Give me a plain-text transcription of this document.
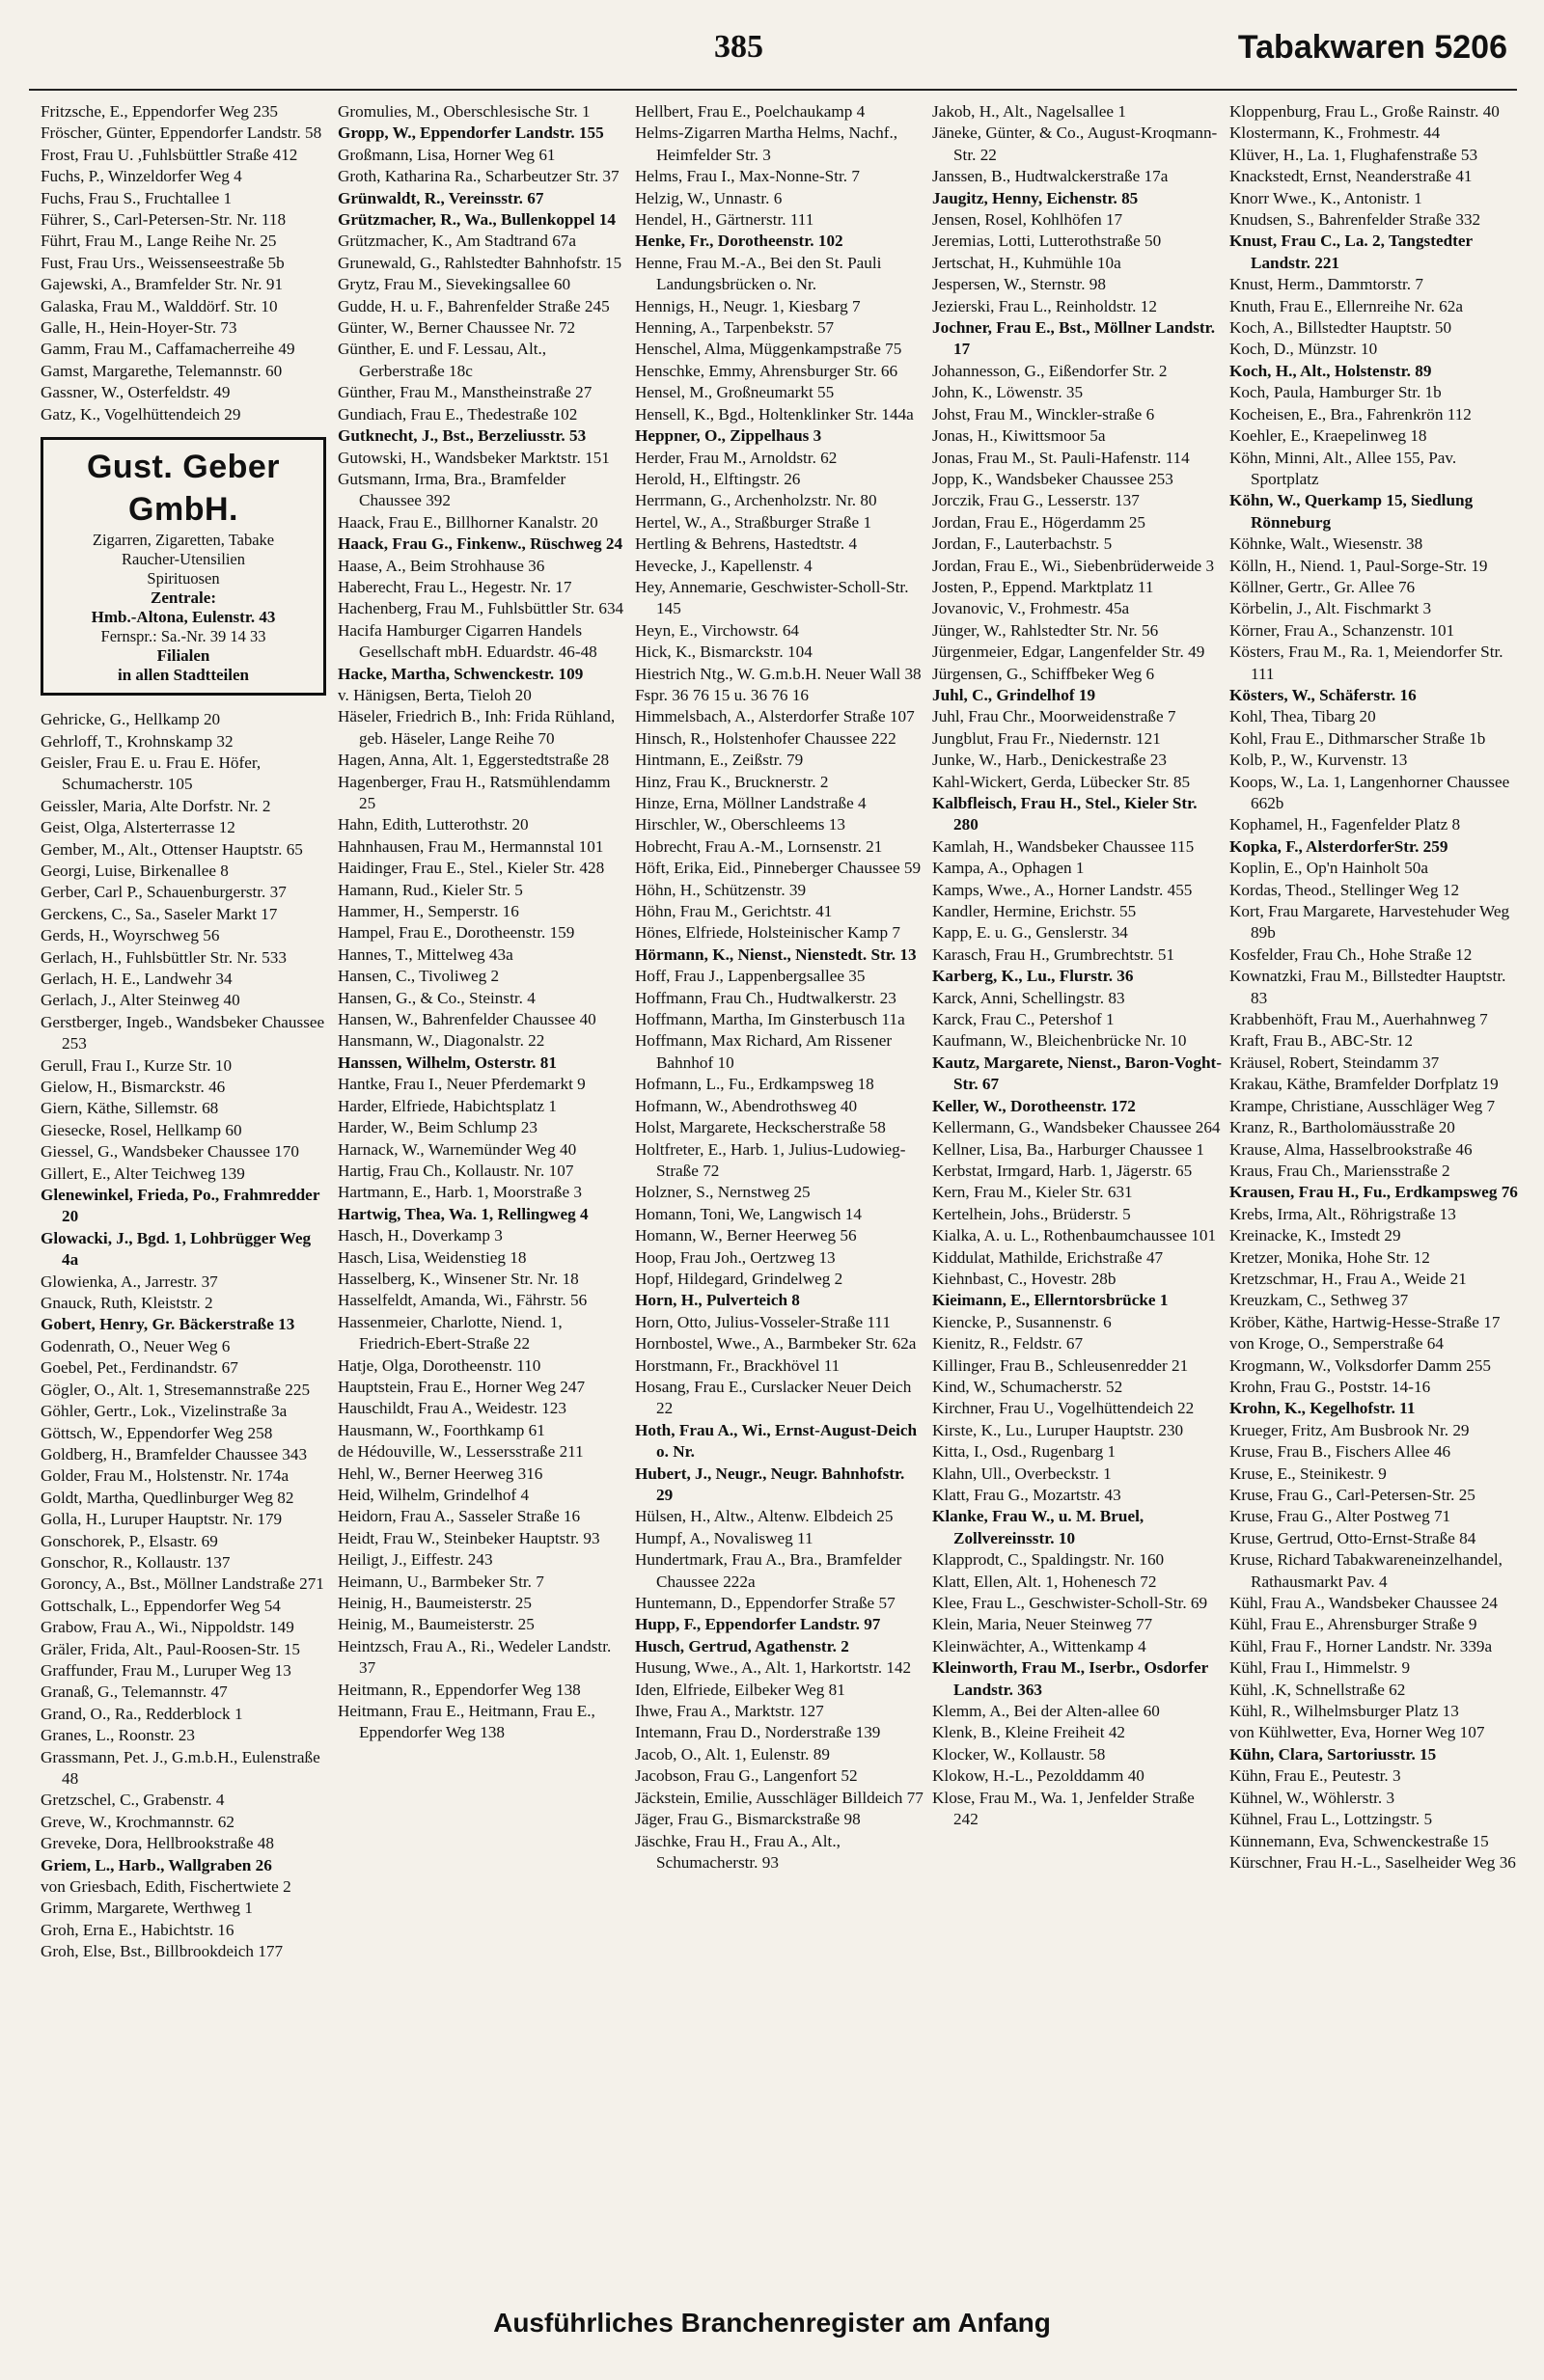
385	Tabakwaren 5206

Fritzsche, E., Eppendorfer Weg 235

Fröscher, Günter, Eppendorfer Landstr. 58

Frost, Frau U. ,Fuhlsbüttler Straße 412

Fuchs, P., Winzeldorfer Weg 4

Fuchs, Frau S., Fruchtallee 1

Führer, S., Carl-Petersen-Str. Nr. 118

Führt, Frau M., Lange Reihe Nr. 25

Fust, Frau Urs., Weissenseestraße 5b

Gajewski, A., Bramfelder Str. Nr. 91

Galaska, Frau M., Walddörf. Str. 10

Galle, H., Hein-Hoyer-Str. 73

Gamm, Frau M., Caffamacherreihe 49

Gamst, Margarethe, Telemannstr. 60

Gassner, W., Osterfeldstr. 49

Gatz, K., Vogelhüttendeich 29

Gust. Geber GmbH.
Zigarren, Zigaretten, Tabake
Raucher-Utensilien
Spirituosen
Zentrale:
Hmb.-Altona, Eulenstr. 43
Fernspr.: Sa.-Nr. 39 14 33
Filialen
in allen Stadtteilen

Gehricke, G., Hellkamp 20

Gehrloff, T., Krohnskamp 32

Geisler, Frau E. u. Frau E. Höfer, Schumacherstr. 105

Geissler, Maria, Alte Dorfstr. Nr. 2

Geist, Olga, Alsterterrasse 12

Gember, M., Alt., Ottenser Hauptstr. 65

Georgi, Luise, Birkenallee 8

Gerber, Carl P., Schauenburgerstr. 37

Gerckens, C., Sa., Saseler Markt 17

Gerds, H., Woyrschweg 56

Gerlach, H., Fuhlsbüttler Str. Nr. 533

Gerlach, H. E., Landwehr 34

Gerlach, J., Alter Steinweg 40

Gerstberger, Ingeb., Wandsbeker Chaussee 253

Gerull, Frau I., Kurze Str. 10

Gielow, H., Bismarckstr. 46

Giern, Käthe, Sillemstr. 68

Giesecke, Rosel, Hellkamp 60

Giessel, G., Wandsbeker Chaussee 170

Gillert, E., Alter Teichweg 139

Glenewinkel, Frieda, Po., Frahmredder 20

Glowacki, J., Bgd. 1, Lohbrügger Weg 4a

Glowienka, A., Jarrestr. 37

Gnauck, Ruth, Kleiststr. 2

Gobert, Henry, Gr. Bäckerstraße 13

Godenrath, O., Neuer Weg 6

Goebel, Pet., Ferdinandstr. 67

Gögler, O., Alt. 1, Stresemannstraße 225

Göhler, Gertr., Lok., Vizelinstraße 3a

Göttsch, W., Eppendorfer Weg 258

Goldberg, H., Bramfelder Chaussee 343

Golder, Frau M., Holstenstr. Nr. 174a

Goldt, Martha, Quedlinburger Weg 82

Golla, H., Luruper Hauptstr. Nr. 179

Gonschorek, P., Elsastr. 69

Gonschor, R., Kollaustr. 137

Gorоncy, A., Bst., Möllner Landstraße 271

Gottschalk, L., Eppendorfer Weg 54

Grabow, Frau A., Wi., Nippoldstr. 149

Gräler, Frida, Alt., Paul-Roosen-Str. 15

Graffunder, Frau M., Luruper Weg 13

Granaß, G., Telemannstr. 47

Grand, O., Ra., Redderblock 1

Granes, L., Roonstr. 23

Grassmann, Pet. J., G.m.b.H., Eulenstraße 48

Gretzschel, C., Grabenstr. 4

Greve, W., Krochmannstr. 62

Greveke, Dora, Hellbrookstraße 48

Griem, L., Harb., Wallgraben 26

von Griesbach, Edith, Fischertwiete 2

Grimm, Margarete, Werthweg 1

Groh, Erna E., Habichtstr. 16

Groh, Else, Bst., Billbrookdeich 177

Gromulies, M., Oberschlesische Str. 1

Gropp, W., Eppendorfer Landstr. 155

Großmann, Lisa, Horner Weg 61

Groth, Katharina Ra., Scharbeutzer Str. 37

Grünwaldt, R., Vereinsstr. 67

Grützmacher, R., Wa., Bullenkoppel 14

Grützmacher, K., Am Stadtrand 67a

Grunewald, G., Rahlstedter Bahnhofstr. 15

Grytz, Frau M., Sievekingsallee 60

Gudde, H. u. F., Bahrenfelder Straße 245

Günter, W., Berner Chaussee Nr. 72

Günther, E. und F. Lessau, Alt., Gerberstraße 18c

Günther, Frau M., Manstheinstraße 27

Gundiach, Frau E., Thedestraße 102

Gutknecht, J., Bst., Berzeliusstr. 53

Gutowski, H., Wandsbeker Marktstr. 151

Gutsmann, Irma, Bra., Bramfelder Chaussee 392

Haack, Frau E., Billhorner Kanalstr. 20

Haack, Frau G., Finkenw., Rüschweg 24

Haase, A., Beim Strohhause 36

Haberecht, Frau L., Hegestr. Nr. 17

Hachenberg, Frau M., Fuhlsbüttler Str. 634

Hacifa Hamburger Cigarren Handels Gesellschaft mbH. Eduardstr. 46-48

Hacke, Martha, Schwenckestr. 109

v. Hänigsen, Berta, Tieloh 20

Häseler, Friedrich B., Inh: Frida Rühland, geb. Häseler, Lange Reihe 70

Hagen, Anna, Alt. 1, Eggerstedtstraße 28

Hagenberger, Frau H., Ratsmühlendamm 25

Hahn, Edith, Lutterothstr. 20

Hahnhausen, Frau M., Hermannstal 101

Haidinger, Frau E., Stel., Kieler Str. 428

Hamann, Rud., Kieler Str. 5

Hammer, H., Semperstr. 16

Hampel, Frau E., Dorotheenstr. 159

Hannes, T., Mittelweg 43a

Hansen, C., Tivoliweg 2

Hansen, G., & Co., Steinstr. 4

Hansen, W., Bahrenfelder Chaussee 40

Hansmann, W., Diagonalstr. 22

Hanssen, Wilhelm, Osterstr. 81

Hantke, Frau I., Neuer Pferdemarkt 9

Harder, Elfriede, Habichtsplatz 1

Harder, W., Beim Schlump 23

Harnack, W., Warnemünder Weg 40

Hartig, Frau Ch., Kollaustr. Nr. 107

Hartmann, E., Harb. 1, Moorstraße 3

Hartwig, Thea, Wa. 1, Rellingweg 4

Hasch, H., Doverkamp 3

Hasch, Lisa, Weidenstieg 18

Hasselberg, K., Winsener Str. Nr. 18

Hasselfeldt, Amanda, Wi., Fährstr. 56

Hassenmeier, Charlotte, Niend. 1, Friedrich-Ebert-Straße 22

Hatje, Olga, Dorotheenstr. 110

Hauptstein, Frau E., Horner Weg 247

Hauschildt, Frau A., Weidestr. 123

Hausmann, W., Foorthkamp 61

de Hédouville, W., Lessersstraße 211

Hehl, W., Berner Heerweg 316

Heid, Wilhelm, Grindelhof 4

Heidorn, Frau A., Sasseler Straße 16

Heidt, Frau W., Steinbeker Hauptstr. 93

Heiligt, J., Eiffestr. 243

Heimann, U., Barmbeker Str. 7

Heinig, H., Baumeisterstr. 25

Heinig, M., Baumeisterstr. 25

Heintzsch, Frau A., Ri., Wedeler Landstr. 37

Heitmann, R., Eppendorfer Weg 138

Heitmann, Frau E., Heitmann, Frau E., Eppendorfer Weg 138

Hellbert, Frau E., Poelchaukamp 4

Helms-Zigarren Martha Helms, Nachf., Heimfelder Str. 3

Helms, Frau I., Max-Nonne-Str. 7

Helzig, W., Unnastr. 6

Hendel, H., Gärtnerstr. 111

Henke, Fr., Dorotheenstr. 102

Henne, Frau M.-A., Bei den St. Pauli Landungsbrücken o. Nr.

Hennigs, H., Neugr. 1, Kiesbarg 7

Henning, A., Tarpenbekstr. 57

Henschel, Alma, Müggenkampstraße 75

Henschke, Emmy, Ahrensburger Str. 66

Hensel, M., Großneumarkt 55

Hensell, K., Bgd., Holtenklinker Str. 144a

Heppner, O., Zippelhaus 3

Herder, Frau M., Arnoldstr. 62

Herold, H., Elftingstr. 26

Herrmann, G., Archenholzstr. Nr. 80

Hertel, W., A., Straßburger Straße 1

Hertling & Behrens, Hastedtstr. 4

Hevecke, J., Kapellenstr. 4

Hey, Annemarie, Geschwister-Scholl-Str. 145

Heyn, E., Virchowstr. 64

Hick, K., Bismarckstr. 104

Hiestrich Ntg., W. G.m.b.H. Neuer Wall 38

Fspr. 36 76 15 u. 36 76 16

Himmelsbach, A., Alsterdorfer Straße 107

Hinsch, R., Holstenhofer Chaussee 222

Hintmann, E., Zeißstr. 79

Hinz, Frau K., Brucknerstr. 2

Hinze, Erna, Möllner Landstraße 4

Hirschler, W., Oberschleems 13

Hobrecht, Frau A.-M., Lornsenstr. 21

Höft, Erika, Eid., Pinneberger Chaussee 59

Höhn, H., Schützenstr. 39

Höhn, Frau M., Gerichtstr. 41

Hönes, Elfriede, Holsteinischer Kamp 7

Hörmann, K., Nienst., Nienstedt. Str. 13

Hoff, Frau J., Lappenbergsallee 35

Hoffmann, Frau Ch., Hudtwalkerstr. 23

Hoffmann, Martha, Im Ginsterbusch 11a

Hoffmann, Max Richard, Am Rissener Bahnhof 10

Hofmann, L., Fu., Erdkampsweg 18

Hofmann, W., Abendrothsweg 40

Holst, Margarete, Heckscherstraße 58

Holtfreter, E., Harb. 1, Julius-Ludowieg-Straße 72

Holzner, S., Nernstweg 25

Homann, Toni, We, Langwisch 14

Homann, W., Berner Heerweg 56

Hoop, Frau Joh., Oertzweg 13

Hopf, Hildegard, Grindelweg 2

Horn, H., Pulverteich 8

Horn, Otto, Julius-Vosseler-Straße 111

Hornbostel, Wwe., A., Barmbeker Str. 62a

Horstmann, Fr., Brackhövel 11

Hosang, Frau E., Curslacker Neuer Deich 22

Hoth, Frau A., Wi., Ernst-August-Deich o. Nr.

Hubert, J., Neugr., Neugr. Bahnhofstr. 29

Hülsen, H., Altw., Altenw. Elbdeich 25

Humpf, A., Novalisweg 11

Hundertmark, Frau A., Bra., Bramfelder Chaussee 222a

Huntemann, D., Eppendorfer Straße 57

Hupp, F., Eppendorfer Landstr. 97

Husch, Gertrud, Agathenstr. 2

Husung, Wwe., A., Alt. 1, Harkortstr. 142

Iden, Elfriede, Eilbeker Weg 81

Ihwe, Frau A., Marktstr. 127

Intemann, Frau D., Norderstraße 139

Jacob, O., Alt. 1, Eulenstr. 89

Jacobson, Frau G., Langenfort 52

Jäckstein, Emilie, Ausschläger Billdeich 77

Jäger, Frau G., Bismarckstraße 98

Jäschke, Frau H., Frau A., Alt., Schumacherstr. 93

Jakob, H., Alt., Nagelsallee 1

Jäneke, Günter, & Co., August-Kroqmann-Str. 22

Janssen, B., Hudtwalckerstraße 17a

Jaugitz, Henny, Eichenstr. 85

Jensen, Rosel, Kohlhöfen 17

Jeremias, Lotti, Lutterothstraße 50

Jertschat, H., Kuhmühle 10a

Jespersen, W., Sternstr. 98

Jezierski, Frau L., Reinholdstr. 12

Jochner, Frau E., Bst., Möllner Landstr. 17

Johannesson, G., Eißendorfer Str. 2

John, K., Löwenstr. 35

Johst, Frau M., Winckler-straße 6

Jonas, H., Kiwittsmoor 5a

Jonas, Frau M., St. Pauli-Hafenstr. 114

Jopp, K., Wandsbeker Chaussee 253

Jorczik, Frau G., Lesserstr. 137

Jordan, Frau E., Högerdamm 25

Jordan, F., Lauterbachstr. 5

Jordan, Frau E., Wi., Siebenbrüderweide 3

Josten, P., Eppend. Marktplatz 11

Jovanovic, V., Frohmestr. 45a

Jünger, W., Rahlstedter Str. Nr. 56

Jürgenmeier, Edgar, Langenfelder Str. 49

Jürgensen, G., Schiffbeker Weg 6

Juhl, C., Grindelhof 19

Juhl, Frau Chr., Moorweidenstraße 7

Jungblut, Frau Fr., Niedernstr. 121

Junke, W., Harb., Denickestraße 23

Kahl-Wickert, Gerda, Lübecker Str. 85

Kalbfleisch, Frau H., Stel., Kieler Str. 280

Kamlah, H., Wandsbeker Chaussee 115

Kampa, A., Ophagen 1

Kamps, Wwe., A., Horner Landstr. 455

Kandler, Hermine, Erichstr. 55

Kapp, E. u. G., Genslerstr. 34

Karasch, Frau H., Grumbrechtstr. 51

Karberg, K., Lu., Flurstr. 36

Karck, Anni, Schellingstr. 83

Karck, Frau C., Petershof 1

Kaufmann, W., Bleichenbrücke Nr. 10

Kautz, Margarete, Nienst., Baron-Voght-Str. 67

Keller, W., Dorotheenstr. 172

Kellermann, G., Wandsbeker Chaussee 264

Kellner, Lisa, Ba., Harburger Chaussee 1

Kerbstat, Irmgard, Harb. 1, Jägerstr. 65

Kern, Frau M., Kieler Str. 631

Kertelhein, Johs., Brüderstr. 5

Kialka, A. u. L., Rothenbaumchaussee 101

Kiddulat, Mathilde, Erichstraße 47

Kiehnbast, C., Hovestr. 28b

Kieimann, E., Ellerntorsbrücke 1

Kiencke, P., Susannenstr. 6

Kienitz, R., Feldstr. 67

Killinger, Frau B., Schleusenredder 21

Kind, W., Schumacherstr. 52

Kirchner, Frau U., Vogelhüttendeich 22

Kirste, K., Lu., Luruper Hauptstr. 230

Kitta, I., Osd., Rugenbarg 1

Klahn, Ull., Overbeckstr. 1

Klatt, Frau G., Mozartstr. 43

Klanke, Frau W., u. M. Bruel, Zollvereinsstr. 10

Klapprodt, C., Spaldingstr. Nr. 160

Klatt, Ellen, Alt. 1, Hohenesch 72

Klee, Frau L., Geschwister-Scholl-Str. 69

Klein, Maria, Neuer Steinweg 77

Kleinwächter, A., Wittenkamp 4

Kleinworth, Frau M., Iserbr., Osdorfer Landstr. 363

Klemm, A., Bei der Alten-allee 60

Klenk, B., Kleine Freiheit 42

Klocker, W., Kollaustr. 58

Klokow, H.-L., Pezolddamm 40

Klose, Frau M., Wa. 1, Jenfelder Straße 242

Kloppenburg, Frau L., Große Rainstr. 40

Klostermann, K., Frohmestr. 44

Klüver, H., La. 1, Flughafenstraße 53

Knackstedt, Ernst, Neanderstraße 41

Knorr Wwe., K., Antonistr. 1

Knudsen, S., Bahrenfelder Straße 332

Knust, Frau C., La. 2, Tangstedter Landstr. 221

Knust, Herm., Dammtorstr. 7

Knuth, Frau E., Ellernreihe Nr. 62a

Koch, A., Billstedter Hauptstr. 50

Koch, D., Münzstr. 10

Koch, H., Alt., Holstenstr. 89

Koch, Paula, Hamburger Str. 1b

Kocheisen, E., Bra., Fahrenkrön 112

Koehler, E., Kraepelinweg 18

Köhn, Minni, Alt., Allee 155, Pav. Sportplatz

Köhn, W., Querkamp 15, Siedlung Rönneburg

Köhnke, Walt., Wiesenstr. 38

Kölln, H., Niend. 1, Paul-Sorge-Str. 19

Köllner, Gertr., Gr. Allee 76

Körbelin, J., Alt. Fischmarkt 3

Körner, Frau A., Schanzenstr. 101

Kösters, Frau M., Ra. 1, Meiendorfer Str. 111

Kösters, W., Schäferstr. 16

Kohl, Thea, Tibarg 20

Kohl, Frau E., Dithmarscher Straße 1b

Kolb, P., W., Kurvenstr. 13

Koops, W., La. 1, Langenhorner Chaussee 662b

Kophamel, H., Fagenfelder Platz 8

Kopka, F., AlsterdorferStr. 259

Koplin, E., Op'n Hainholt 50a

Kordas, Theod., Stellinger Weg 12

Kort, Frau Margarete, Harvestehuder Weg 89b

Kosfelder, Frau Ch., Hohe Straße 12

Kownatzki, Frau M., Billstedter Hauptstr. 83

Krabbenhöft, Frau M., Auerhahnweg 7

Kraft, Frau B., ABC-Str. 12

Kräusel, Robert, Steindamm 37

Krakau, Käthe, Bramfelder Dorfplatz 19

Krampe, Christiane, Ausschläger Weg 7

Kranz, R., Bartholomäusstraße 20

Krause, Alma, Hasselbrookstraße 46

Kraus, Frau Ch., Mariensstraße 2

Krausen, Frau H., Fu., Erdkampsweg 76

Krebs, Irma, Alt., Röhrigstraße 13

Kreinacke, K., Imstedt 29

Kretzer, Monika, Hohe Str. 12

Kretzschmar, H., Frau A., Weide 21

Kreuzkam, C., Sethweg 37

Kröber, Käthe, Hartwig-Hesse-Straße 17

von Kroge, O., Semperstraße 64

Krogmann, W., Volksdorfer Damm 255

Krohn, Frau G., Poststr. 14-16

Krohn, K., Kegelhofstr. 11

Krueger, Fritz, Am Busbrook Nr. 29

Kruse, Frau B., Fischers Allee 46

Kruse, E., Steinikestr. 9

Kruse, Frau G., Carl-Petersen-Str. 25

Kruse, Frau G., Alter Postweg 71

Kruse, Gertrud, Otto-Ernst-Straße 84

Kruse, Richard Tabakwareneinzelhandel, Rathausmarkt Pav. 4

Kühl, Frau A., Wandsbeker Chaussee 24

Kühl, Frau E., Ahrensburger Straße 9

Kühl, Frau F., Horner Landstr. Nr. 339a

Kühl, Frau I., Himmelstr. 9

Kühl, .K, Schnellstraße 62

Kühl, R., Wilhelmsburger Platz 13

von Kühlwetter, Eva, Horner Weg 107

Kühn, Clara, Sartoriusstr. 15

Kühn, Frau E., Peutestr. 3

Kühnel, W., Wöhlerstr. 3

Kühnel, Frau L., Lottzingstr. 5

Künnemann, Eva, Schwenckestraße 15

Kürschner, Frau H.-L., Saselheider Weg 36

Ausführliches Branchenregister am Anfang
